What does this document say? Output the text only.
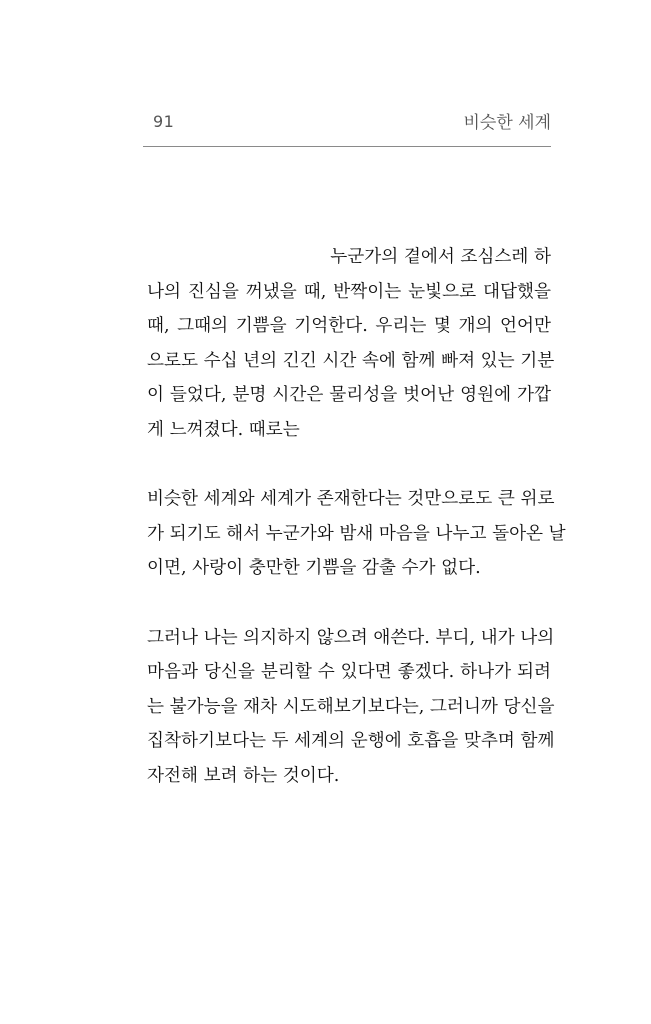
91	비슷한 세계
누군가의 곁에서 조심스레 하
나의 진심을 꺼냈을 때, 반짝이는 눈빛으로 대답했을
때, 그때의 기쁨을 기억한다. 우리는 몇 개의 언어만
으로도 수십 년의 긴긴 시간 속에 함께 빠져 있는 기분
이 들었다, 분명 시간은 물리성을 벗어난 영원에 가깝
게 느껴졌다. 때로는
비슷한 세계와 세계가 존재한다는 것만으로도 큰 위로
가 되기도 해서 누군가와 밤새 마음을 나누고 돌아온 날
이면, 사랑이 충만한 기쁨을 감출 수가 없다.
그러나 나는 의지하지 않으려 애쓴다. 부디, 내가 나의
마음과 당신을 분리할 수 있다면 좋겠다. 하나가 되려
는 불가능을 재차 시도해보기보다는, 그러니까 당신을
집착하기보다는 두 세계의 운행에 호흡을 맞추며 함께
자전해 보려 하는 것이다.
